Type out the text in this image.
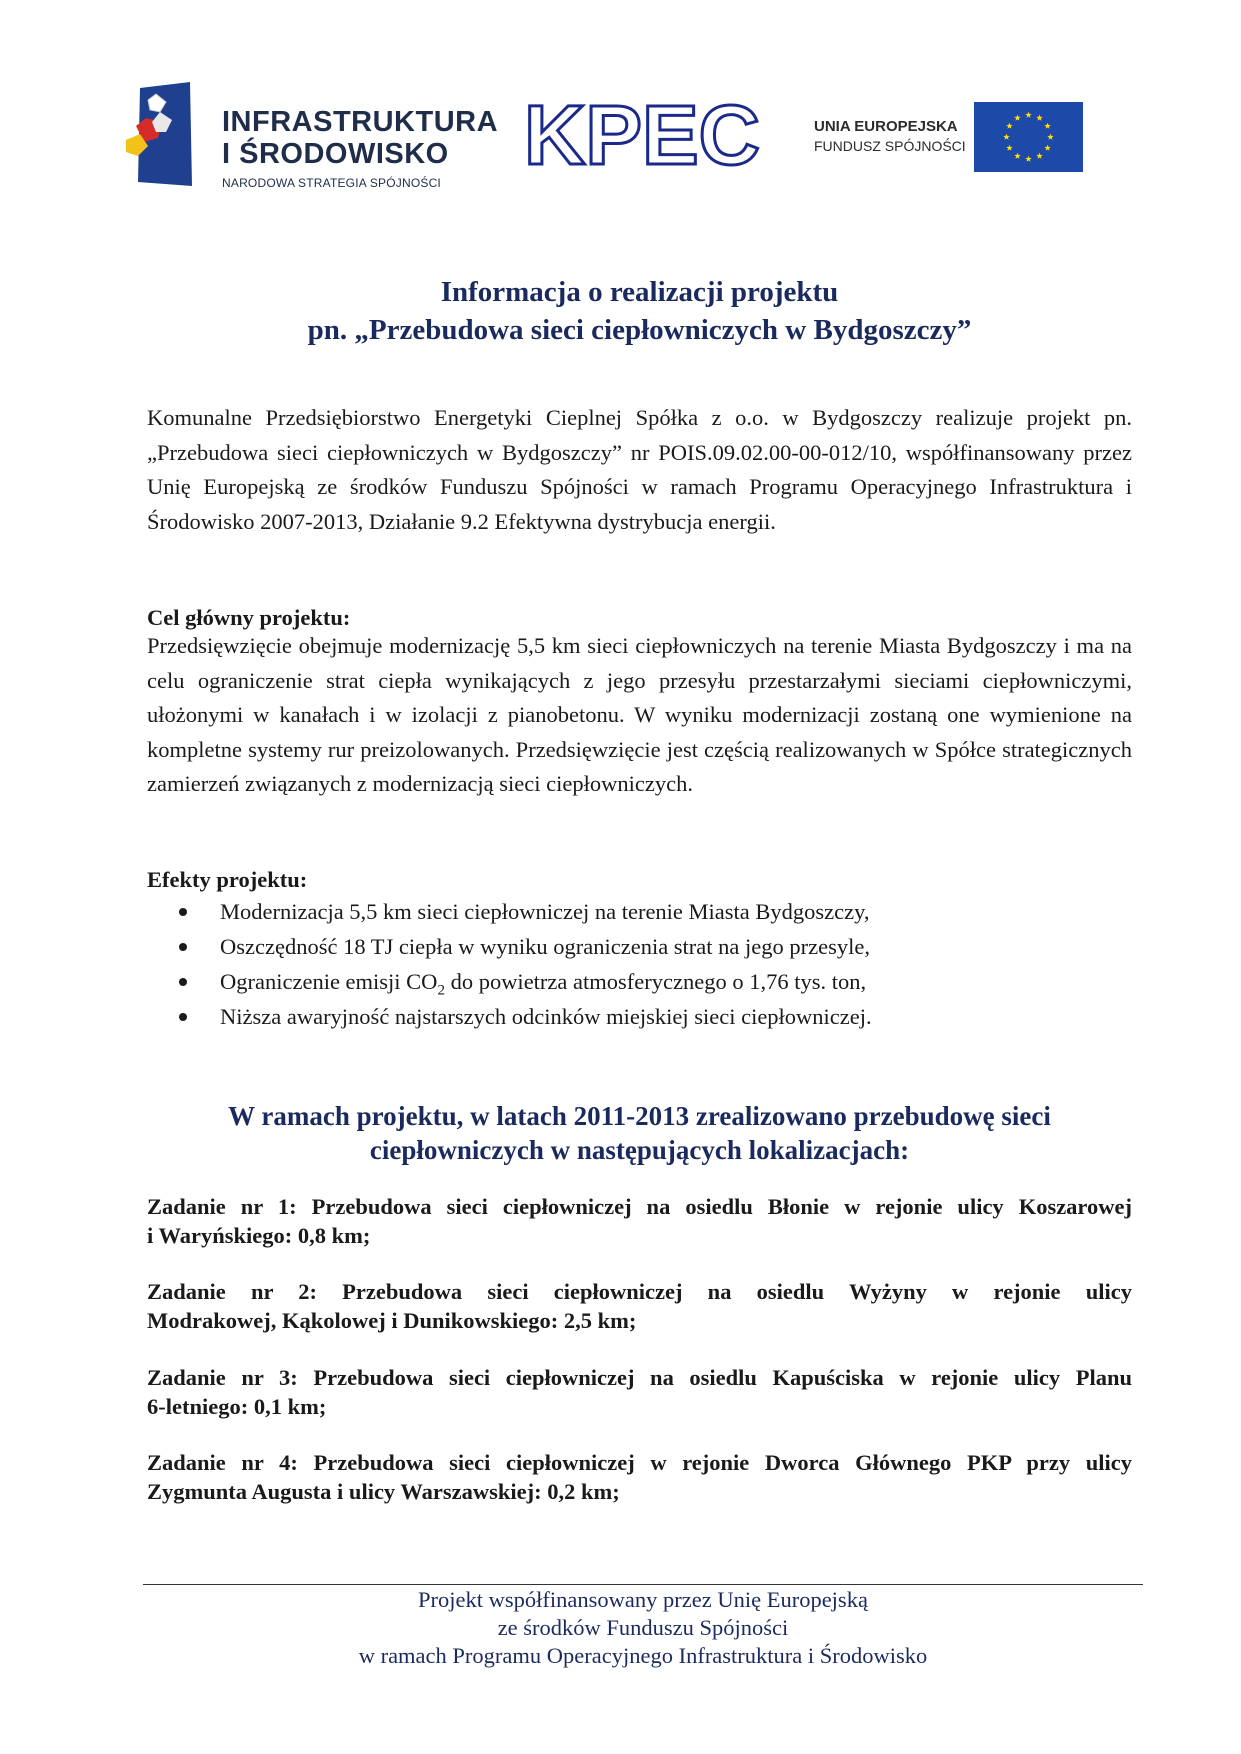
INFRASTRUKTURA
I ŚRODOWISKO
NARODOWA STRATEGIA SPÓJNOŚCI
KPEC	UNIA EUROPEJSKA
FUNDUSZ SPÓJNOŚCI
Informacja o realizacji projektu
pn. „Przebudowa sieci ciepłowniczych w Bydgoszczy”
Komunalne Przedsiębiorstwo Energetyki Cieplnej Spółka z o.o. w Bydgoszczy realizuje projekt pn. „Przebudowa sieci ciepłowniczych w Bydgoszczy” nr POIS.09.02.00-00-012/10, współfinansowany przez Unię Europejską ze środków Funduszu Spójności w ramach Programu Operacyjnego Infrastruktura i Środowisko 2007-2013, Działanie 9.2 Efektywna dystrybucja energii.
Cel główny projektu:
Przedsięwzięcie obejmuje modernizację 5,5 km sieci ciepłowniczych na terenie Miasta Bydgoszczy i ma na celu ograniczenie strat ciepła wynikających z jego przesyłu przestarzałymi sieciami ciepłowniczymi, ułożonymi w kanałach i w izolacji z pianobetonu. W wyniku modernizacji zostaną one wymienione na kompletne systemy rur preizolowanych. Przedsięwzięcie jest częścią realizowanych w Spółce strategicznych zamierzeń związanych z modernizacją sieci ciepłowniczych.
Efekty projektu:
Modernizacja 5,5 km sieci ciepłowniczej na terenie Miasta Bydgoszczy,
Oszczędność 18 TJ ciepła w wyniku ograniczenia strat na jego przesyle,
Ograniczenie emisji $CO_2$ do powietrza atmosferycznego o 1,76 tys. ton,
Niższa awaryjność najstarszych odcinków miejskiej sieci ciepłowniczej.
W ramach projektu, w latach 2011-2013 zrealizowano przebudowę sieci
ciepłowniczych w następujących lokalizacjach:
Zadanie nr 1: Przebudowa sieci ciepłowniczej na osiedlu Błonie w rejonie ulicy Koszarowej
i Waryńskiego: 0,8 km;
Zadanie nr 2: Przebudowa sieci ciepłowniczej na osiedlu Wyżyny w rejonie ulicy
Modrakowej, Kąkolowej i Dunikowskiego: 2,5 km;
Zadanie nr 3: Przebudowa sieci ciepłowniczej na osiedlu Kapuściska w rejonie ulicy Planu
6-letniego: 0,1 km;
Zadanie nr 4: Przebudowa sieci ciepłowniczej w rejonie Dworca Głównego PKP przy ulicy
Zygmunta Augusta i ulicy Warszawskiej: 0,2 km;
Projekt współfinansowany przez Unię Europejską
ze środków Funduszu Spójności
w ramach Programu Operacyjnego Infrastruktura i Środowisko
